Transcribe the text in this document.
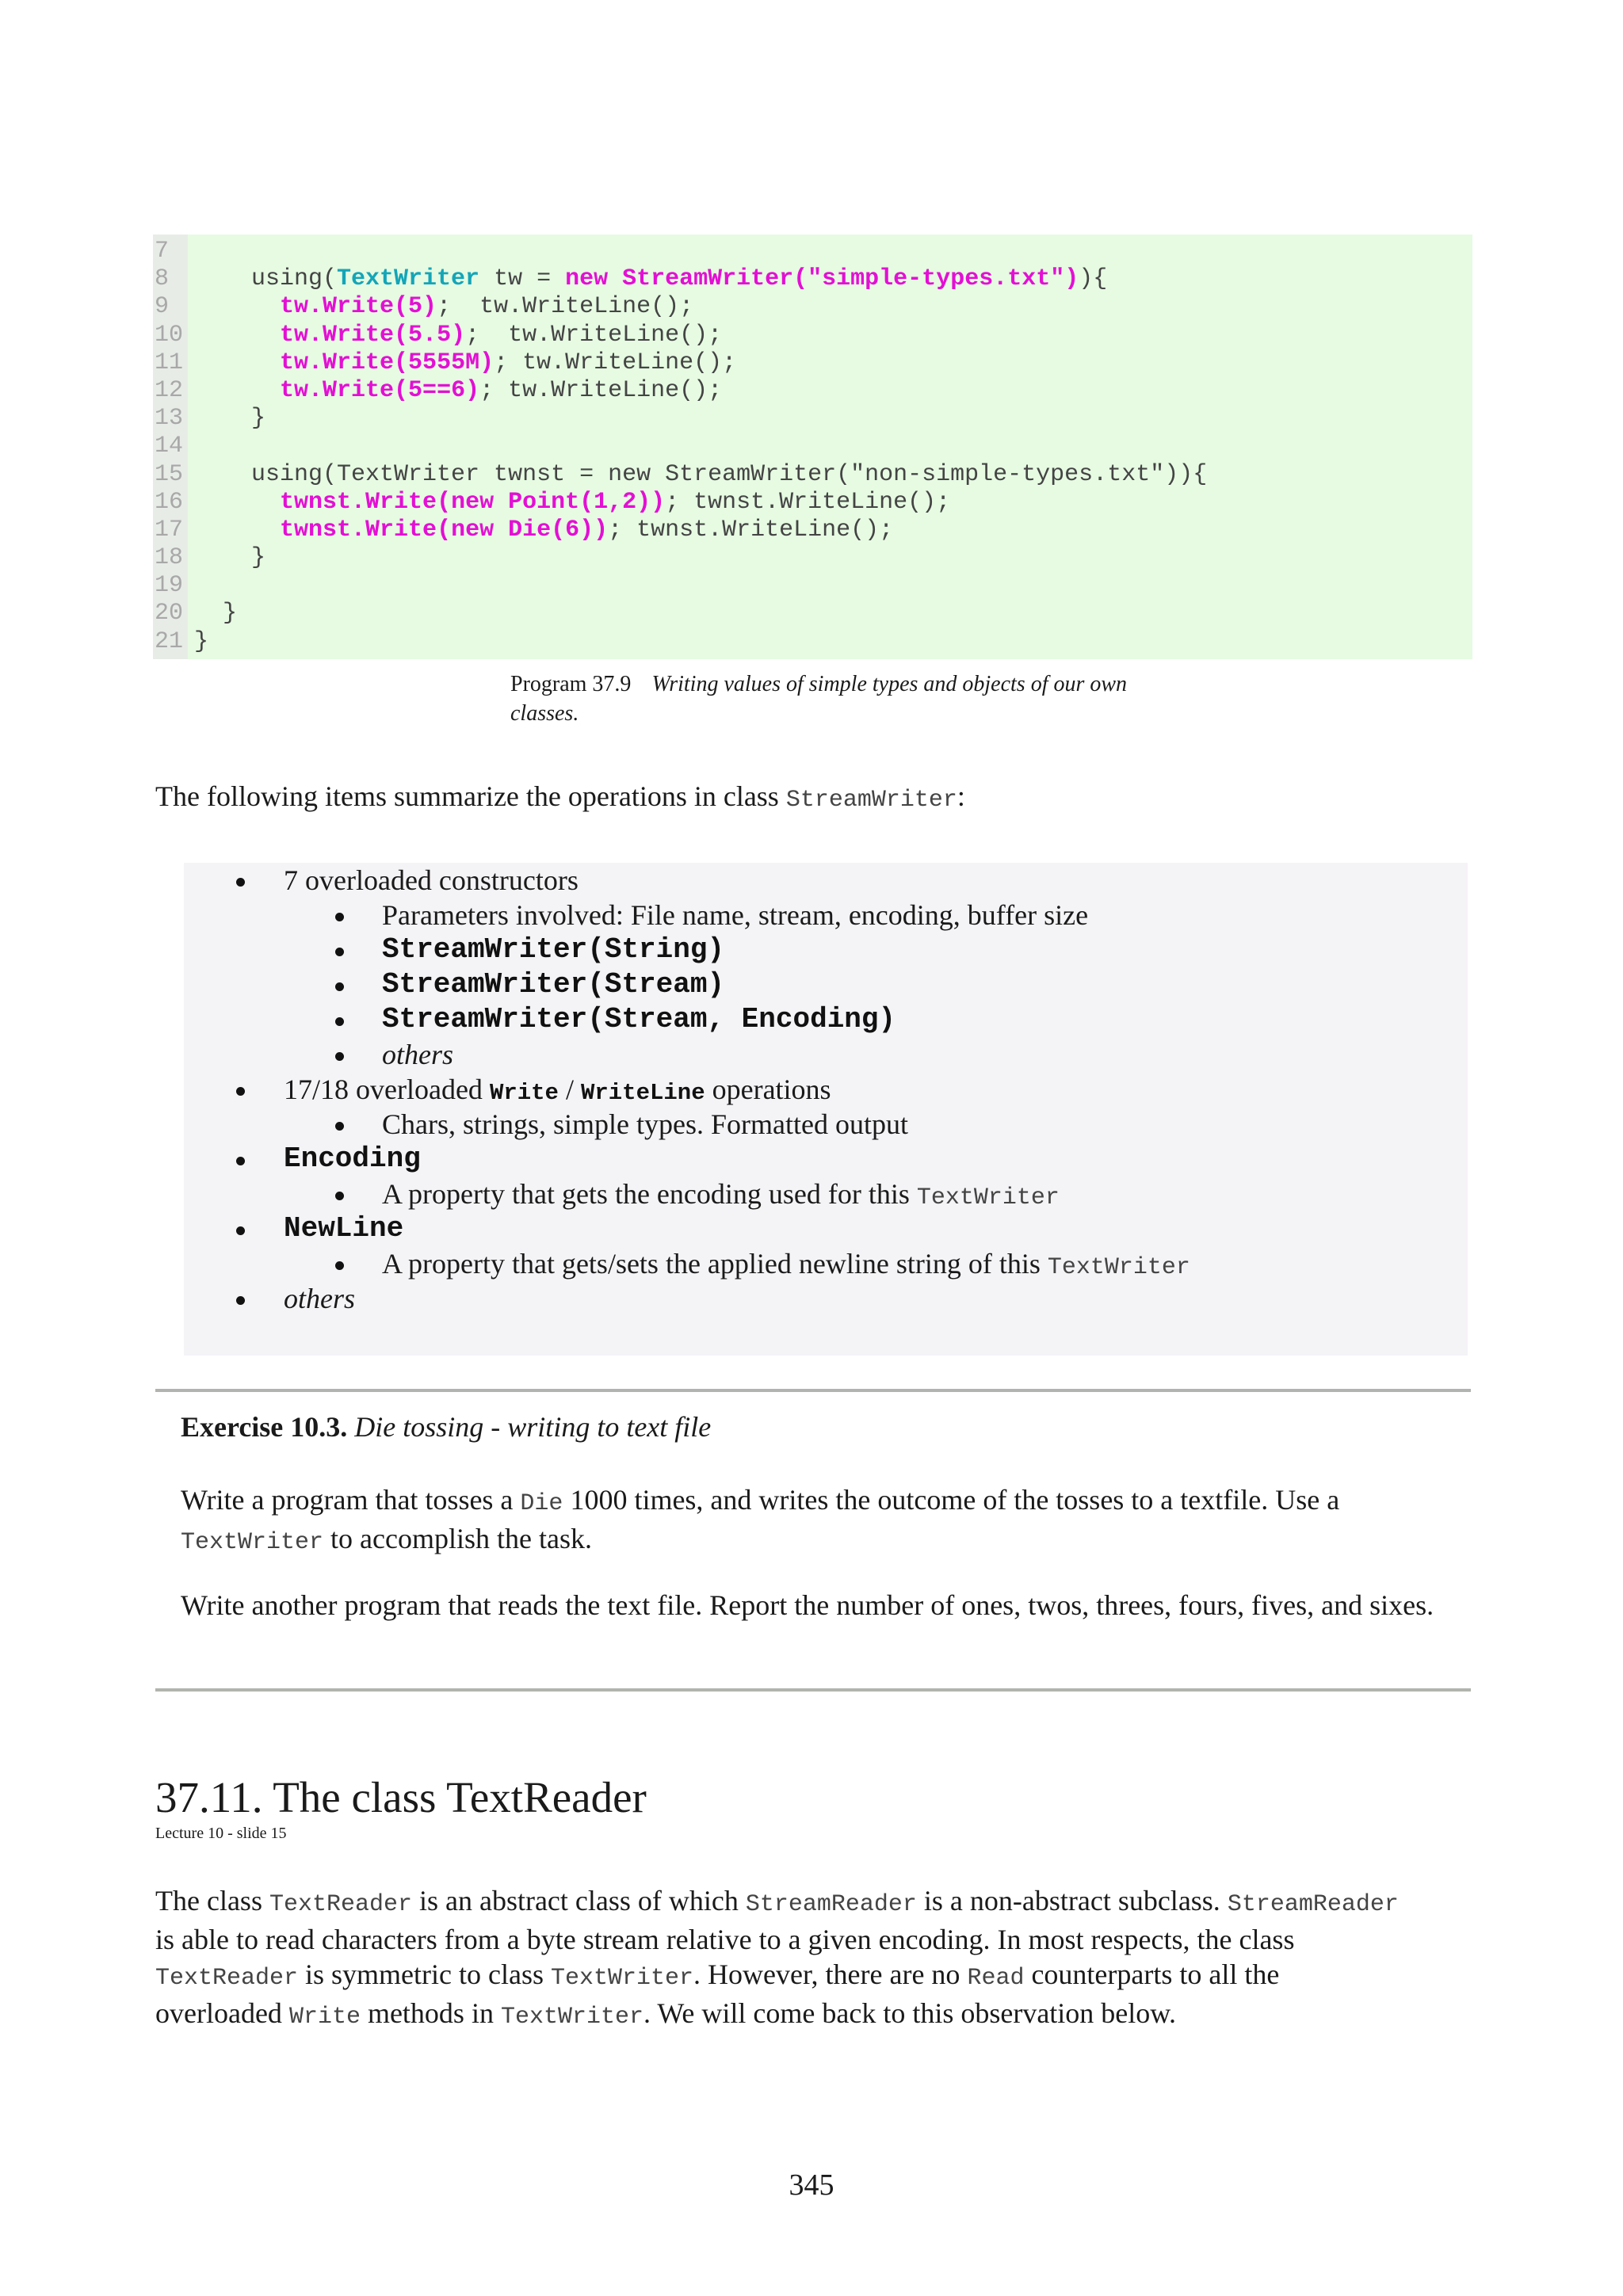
7
8	using(TextWriter tw = new StreamWriter("simple-types.txt")){
9	tw.Write(5);  tw.WriteLine();
10	tw.Write(5.5);  tw.WriteLine();
11	tw.Write(5555M); tw.WriteLine();
12	tw.Write(5==6); tw.WriteLine();
13 }
14
15 using(TextWriter twnst = new StreamWriter("non-simple-types.txt")){
16	twnst.Write(new Point(1,2)); twnst.WriteLine();
17	twnst.Write(new Die(6)); twnst.WriteLine();
18 }
19
20 }
21 }
Program 37.9 Writing values of simple types and objects of our own classes.
The following items summarize the operations in class StreamWriter:
7 overloaded constructors
Parameters involved: File name, stream, encoding, buffer size
StreamWriter(String)
StreamWriter(Stream)
StreamWriter(Stream, Encoding)
others
17/18 overloaded Write / WriteLine operations
Chars, strings, simple types. Formatted output
Encoding
A property that gets the encoding used for this TextWriter
NewLine
A property that gets/sets the applied newline string of this TextWriter
others
Exercise 10.3. Die tossing - writing to text file
Write a program that tosses a Die 1000 times, and writes the outcome of the tosses to a textfile. Use a
TextWriter to accomplish the task.
Write another program that reads the text file. Report the number of ones, twos, threes, fours, fives, and sixes.
37.11. The class TextReader
Lecture 10 - slide 15
The class TextReader is an abstract class of which StreamReader is a non-abstract subclass. StreamReader
is able to read characters from a byte stream relative to a given encoding. In most respects, the class
TextReader is symmetric to class TextWriter. However, there are no Read counterparts to all the
overloaded Write methods in TextWriter. We will come back to this observation below.
345
